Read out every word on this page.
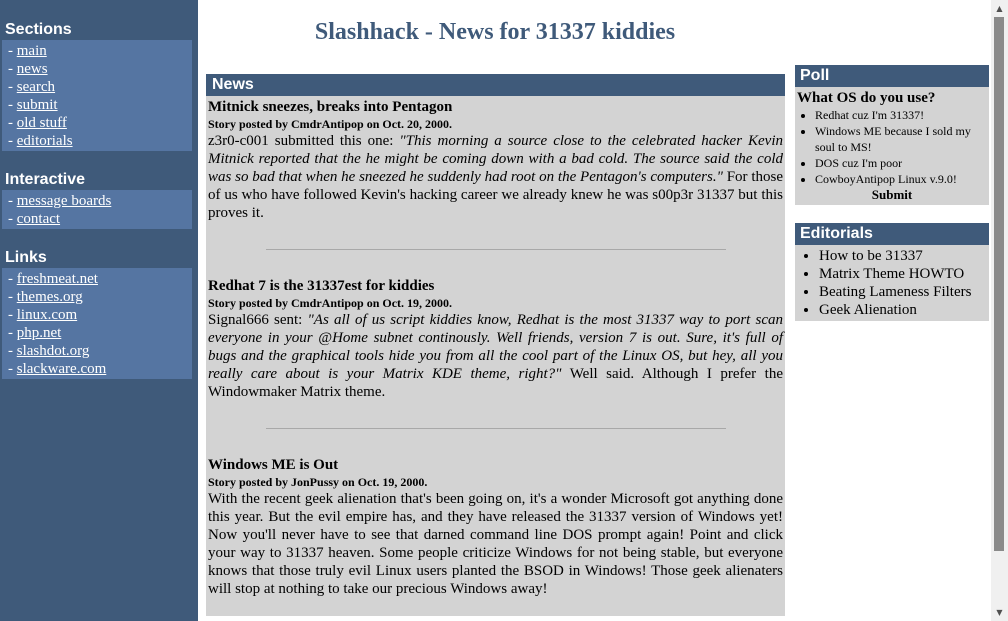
Sections
- main
- news
- search
- submit
- old stuff
- editorials
Interactive
- message boards
- contact
Links
- freshmeat.net
- themes.org
- linux.com
- php.net
- slashdot.org
- slackware.com
Slashhack - News for 31337 kiddies
News
Mitnick sneezes, breaks into Pentagon
Story posted by CmdrAntipop on Oct. 20, 2000.
z3r0-c001 submitted this one: "This morning a source close to the celebrated hacker Kevin Mitnick reported that the he might be coming down with a bad cold. The source said the cold was so bad that when he sneezed he suddenly had root on the Pentagon's computers." For those of us who have followed Kevin's hacking career we already knew he was s00p3r 31337 but this proves it.
Redhat 7 is the 31337est for kiddies
Story posted by CmdrAntipop on Oct. 19, 2000.
Signal666 sent: "As all of us script kiddies know, Redhat is the most 31337 way to port scan everyone in your @Home subnet continously. Well friends, version 7 is out. Sure, it's full of bugs and the graphical tools hide you from all the cool part of the Linux OS, but hey, all you really care about is your Matrix KDE theme, right?" Well said. Although I prefer the Windowmaker Matrix theme.
Windows ME is Out
Story posted by JonPussy on Oct. 19, 2000.
With the recent geek alienation that's been going on, it's a wonder Microsoft got anything done this year. But the evil empire has, and they have released the 31337 version of Windows yet! Now you'll never have to see that darned command line DOS prompt again! Point and click your way to 31337 heaven. Some people criticize Windows for not being stable, but everyone knows that those truly evil Linux users planted the BSOD in Windows! Those geek alienaters will stop at nothing to take our precious Windows away!
Poll
What OS do you use?
• Redhat cuz I'm 31337!
• Windows ME because I sold my soul to MS!
• DOS cuz I'm poor
• CowboyAntipop Linux v.9.0!
Submit
Editorials
• How to be 31337
• Matrix Theme HOWTO
• Beating Lameness Filters
• Geek Alienation
▲
▼
